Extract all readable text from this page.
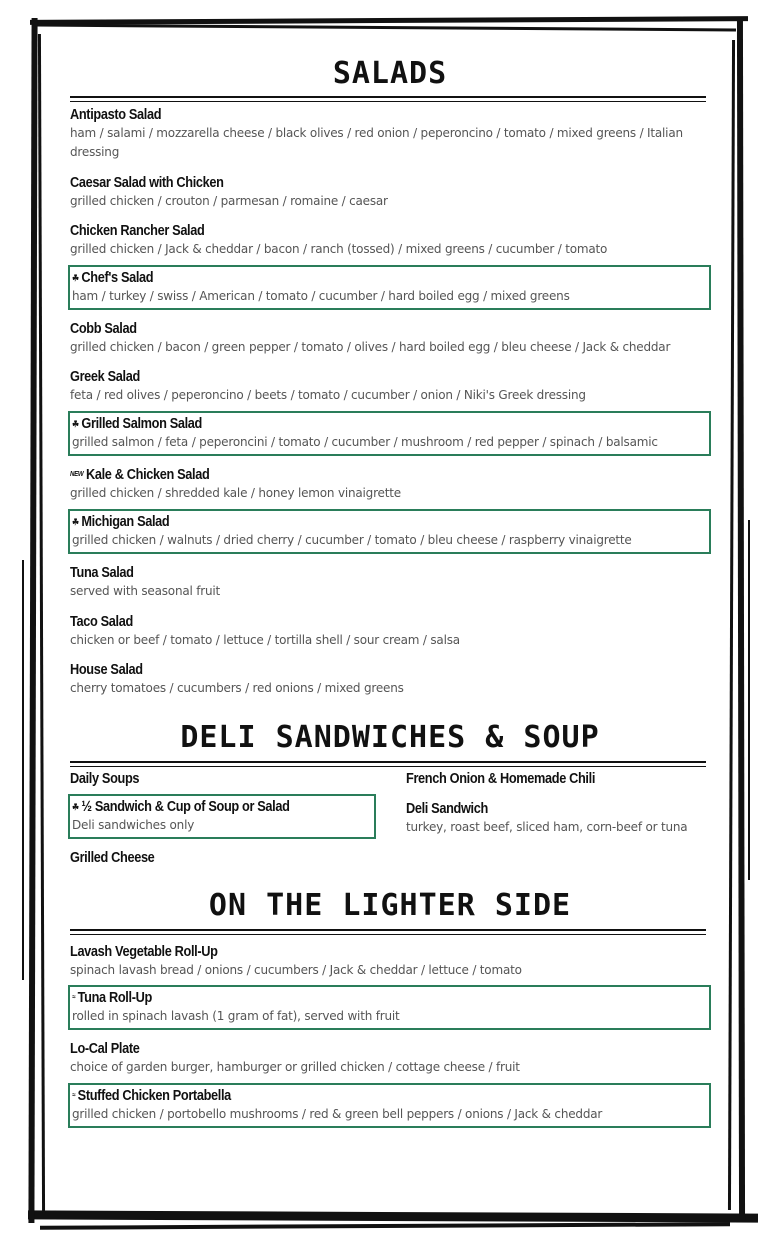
SALADS
Antipasto Salad
ham / salami / mozzarella cheese / black olives / red onion / peperoncino / tomato / mixed greens / Italian dressing
Caesar Salad with Chicken
grilled chicken / crouton / parmesan / romaine / caesar
Chicken Rancher Salad
grilled chicken / Jack & cheddar / bacon / ranch (tossed) / mixed greens / cucumber / tomato
☘ Chef's Salad
ham / turkey / swiss / American / tomato / cucumber / hard boiled egg / mixed greens
Cobb Salad
grilled chicken / bacon / green pepper / tomato / olives / hard boiled egg / bleu cheese / Jack & cheddar
Greek Salad
feta / red olives / peperoncino / beets / tomato / cucumber / onion / Niki's Greek dressing
☘ Grilled Salmon Salad
grilled salmon / feta / peperoncini / tomato / cucumber / mushroom / red pepper / spinach / balsamic
NEW Kale & Chicken Salad
grilled chicken / shredded kale / honey lemon vinaigrette
☘ Michigan Salad
grilled chicken / walnuts / dried cherry / cucumber / tomato / bleu cheese / raspberry vinaigrette
Tuna Salad
served with seasonal fruit
Taco Salad
chicken or beef / tomato / lettuce / tortilla shell / sour cream / salsa
House Salad
cherry tomatoes / cucumbers / red onions / mixed greens
DELI SANDWICHES & SOUP
Daily Soups	French Onion & Homemade Chili
☘ ½ Sandwich & Cup of Soup or Salad
Deli sandwiches only
Deli Sandwich
turkey, roast beef, sliced ham, corn-beef or tuna
Grilled Cheese
ON THE LIGHTER SIDE
Lavash Vegetable Roll-Up
spinach lavash bread / onions / cucumbers / Jack & cheddar / lettuce / tomato
≈ Tuna Roll-Up
rolled in spinach lavash (1 gram of fat), served with fruit
Lo-Cal Plate
choice of garden burger, hamburger or grilled chicken / cottage cheese / fruit
≈ Stuffed Chicken Portabella
grilled chicken / portobello mushrooms / red & green bell peppers / onions / Jack & cheddar
